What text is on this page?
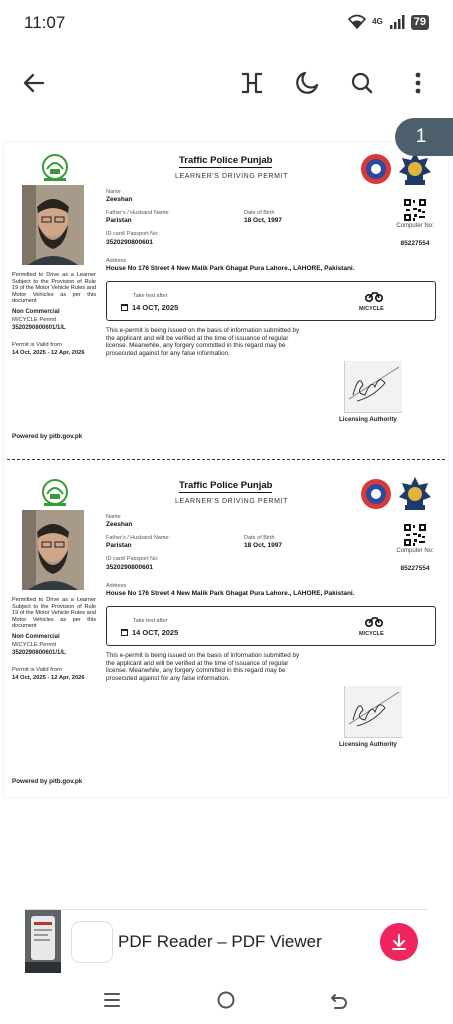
11:07	4G	79
Traffic Police Punjab
LEARNER'S DRIVING PERMIT
Name
Zeeshan
Father's / Husband Name:
Paristan
Date of Birth
18 Oct, 1997
ID card/ Passport No:
3520290800601
Computer No:
85227554
Address
House No 176 Street 4 New Malik Park Ghagat Pura Lahore., LAHORE, Pakistani.

Permitted to Drive as a Learner Subject to the Provision of Rule 19 of the Motor Vehicle Rules and Motor Vehicles as per this document

Non Commercial
M/CYCLE Permit
3520290800601/1/L
Permit is Valid from
14 Oct, 2025 - 12 Apr, 2026
Take test after
14 OCT, 2025	M/CYCLE

This e-permit is being issued on the basis of information submitted by the applicant and will be verified at the time of issuance of regular license. Meanwhile, any forgery committed in this regard may be prosecuted against for any false information.

Licensing Authority
Powered by pitb.gov.pk
Traffic Police Punjab
LEARNER'S DRIVING PERMIT
Name
Zeeshan
Father's / Husband Name:
Paristan
Date of Birth
18 Oct, 1997
ID card/ Passport No:
3520290800601
Computer No:
85227554
Address
House No 176 Street 4 New Malik Park Ghagat Pura Lahore., LAHORE, Pakistani.

Permitted to Drive as a Learner Subject to the Provision of Rule 19 of the Motor Vehicle Rules and Motor Vehicles as per this document

Non Commercial
M/CYCLE Permit
3520290800601/1/L
Permit is Valid from
14 Oct, 2025 - 12 Apr, 2026
Take test after
14 OCT, 2025	M/CYCLE

This e-permit is being issued on the basis of information submitted by the applicant and will be verified at the time of issuance of regular license. Meanwhile, any forgery committed in this regard may be prosecuted against for any false information.

Licensing Authority
Powered by pitb.gov.pk
1
PDF Reader – PDF Viewer
